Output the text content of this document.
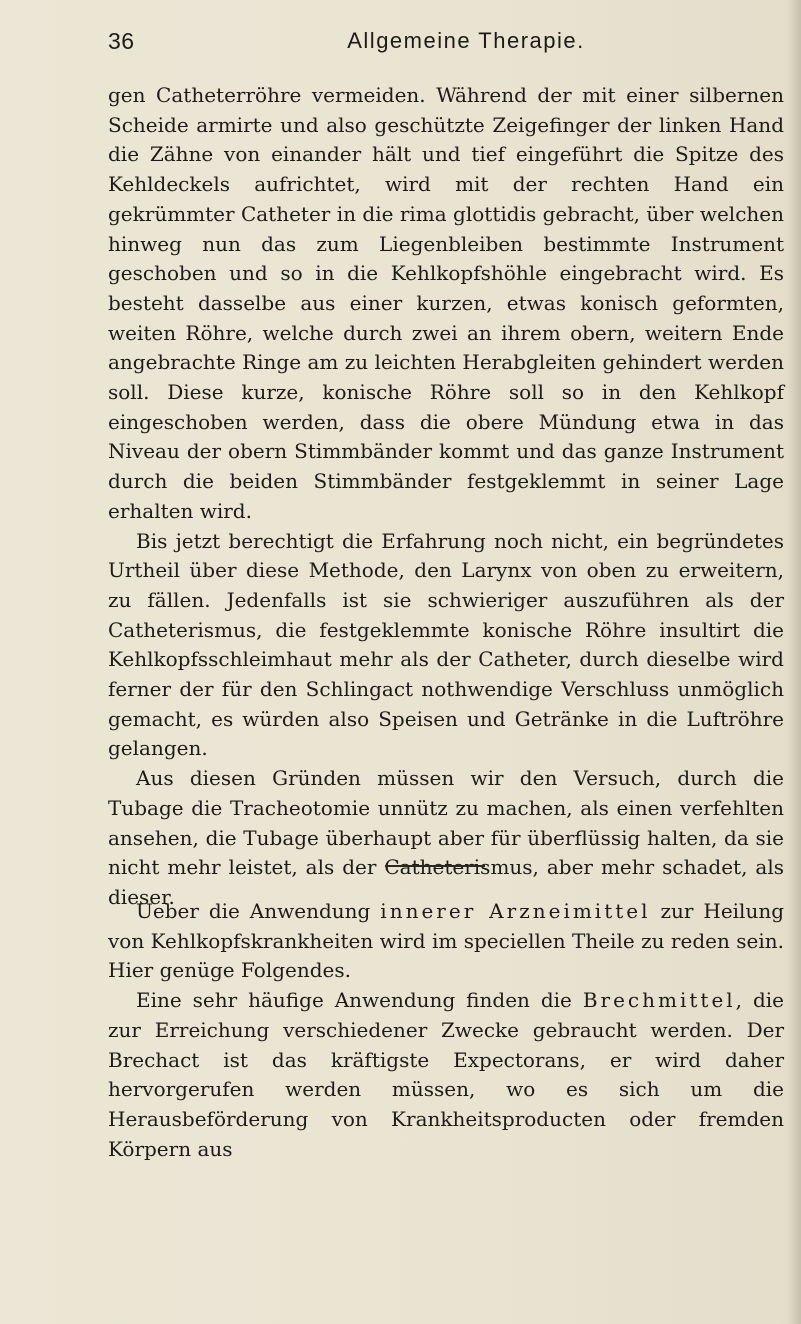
36	Allgemeine Therapie.

gen Catheterröhre vermeiden. Während der mit einer silbernen Scheide armirte und also geschützte Zeigefinger der linken Hand die Zähne von einander hält und tief eingeführt die Spitze des Kehldeckels aufrichtet, wird mit der rechten Hand ein gekrümmter Catheter in die rima glottidis gebracht, über welchen hinweg nun das zum Liegenbleiben bestimmte Instrument geschoben und so in die Kehlkopfshöhle eingebracht wird. Es besteht dasselbe aus einer kurzen, etwas konisch geformten, weiten Röhre, welche durch zwei an ihrem obern, weitern Ende angebrachte Ringe am zu leichten Herabgleiten gehindert werden soll. Diese kurze, konische Röhre soll so in den Kehlkopf eingeschoben werden, dass die obere Mündung etwa in das Niveau der obern Stimmbänder kommt und das ganze Instrument durch die beiden Stimmbänder festgeklemmt in seiner Lage erhalten wird.

Bis jetzt berechtigt die Erfahrung noch nicht, ein begründetes Urtheil über diese Methode, den Larynx von oben zu erweitern, zu fällen. Jedenfalls ist sie schwieriger auszuführen als der Catheterismus, die festgeklemmte konische Röhre insultirt die Kehlkopfsschleimhaut mehr als der Catheter, durch dieselbe wird ferner der für den Schlingact nothwendige Verschluss unmöglich gemacht, es würden also Speisen und Getränke in die Luftröhre gelangen.

Aus diesen Gründen müssen wir den Versuch, durch die Tubage die Tracheotomie unnütz zu machen, als einen verfehlten ansehen, die Tubage überhaupt aber für überflüssig halten, da sie nicht mehr leistet, als der Catheterismus, aber mehr schadet, als dieser.

Ueber die Anwendung innerer Arzneimittel zur Heilung von Kehlkopfskrankheiten wird im speciellen Theile zu reden sein. Hier genüge Folgendes.

Eine sehr häufige Anwendung finden die Brechmittel, die zur Erreichung verschiedener Zwecke gebraucht werden. Der Brechact ist das kräftigste Expectorans, er wird daher hervorgerufen werden müssen, wo es sich um die Herausbeförderung von Krankheitsproducten oder fremden Körpern aus
